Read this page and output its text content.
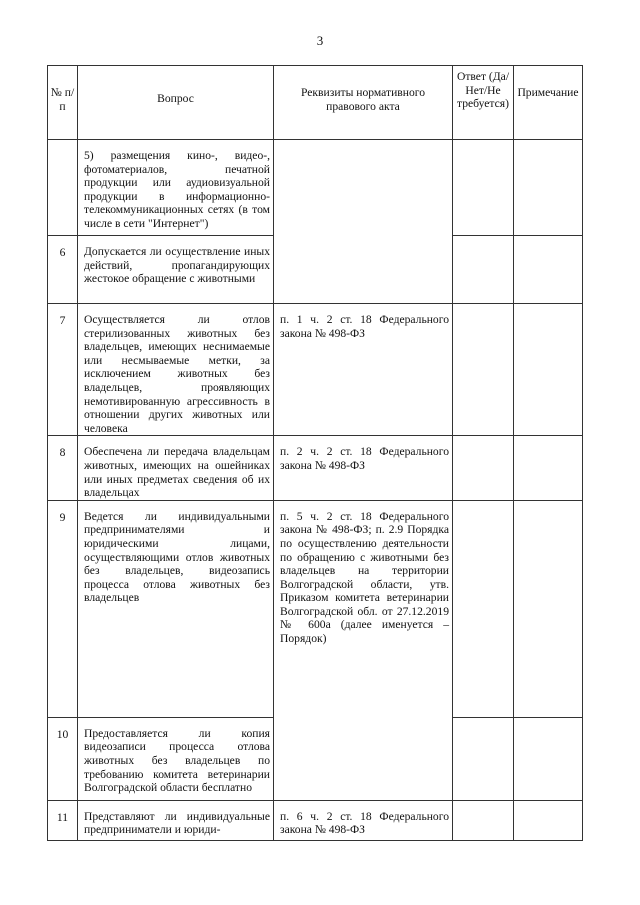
3
№ п/п	Вопрос	Реквизиты нормативного правового акта	Ответ (Да/ Нет/Не требуется)	Примечание

	5) размещения кино-, видео-, фотоматериалов, печатной продукции или аудиовизуальной продукции в информационно-телекоммуникационных сетях (в том числе в сети "Интернет")			

6	Допускается ли осуществление иных действий, пропагандирующих жестокое обращение с животными			

7	Осуществляется ли отлов стерилизованных животных без владельцев, имеющих неснимаемые или несмываемые метки, за исключением животных без владельцев, проявляющих немотивированную агрессивность в отношении других животных или человека	п. 1 ч. 2 ст. 18 Федерального закона № 498-ФЗ		

8	Обеспечена ли передача владельцам животных, имеющих на ошейниках или иных предметах сведения об их владельцах	п. 2 ч. 2 ст. 18 Федерального закона № 498-ФЗ		

9	Ведется ли индивидуальными предпринимателями и юридическими лицами, осуществляющими отлов животных без владельцев, видеозапись процесса отлова животных без владельцев	п. 5 ч. 2 ст. 18 Федерального закона № 498-ФЗ; п. 2.9 Порядка по осуществлению деятельности по обращению с животными без владельцев на территории Волгоградской области, утв. Приказом комитета ветеринарии Волгоградской обл. от 27.12.2019 № 600а (далее именуется – Порядок)		

10	Предоставляется ли копия видеозаписи процесса отлова животных без владельцев по требованию комитета ветеринарии Волгоградской области бесплатно			

11	Представляют ли индивидуальные предприниматели и юриди-	п. 6 ч. 2 ст. 18 Федерального закона № 498-ФЗ		
